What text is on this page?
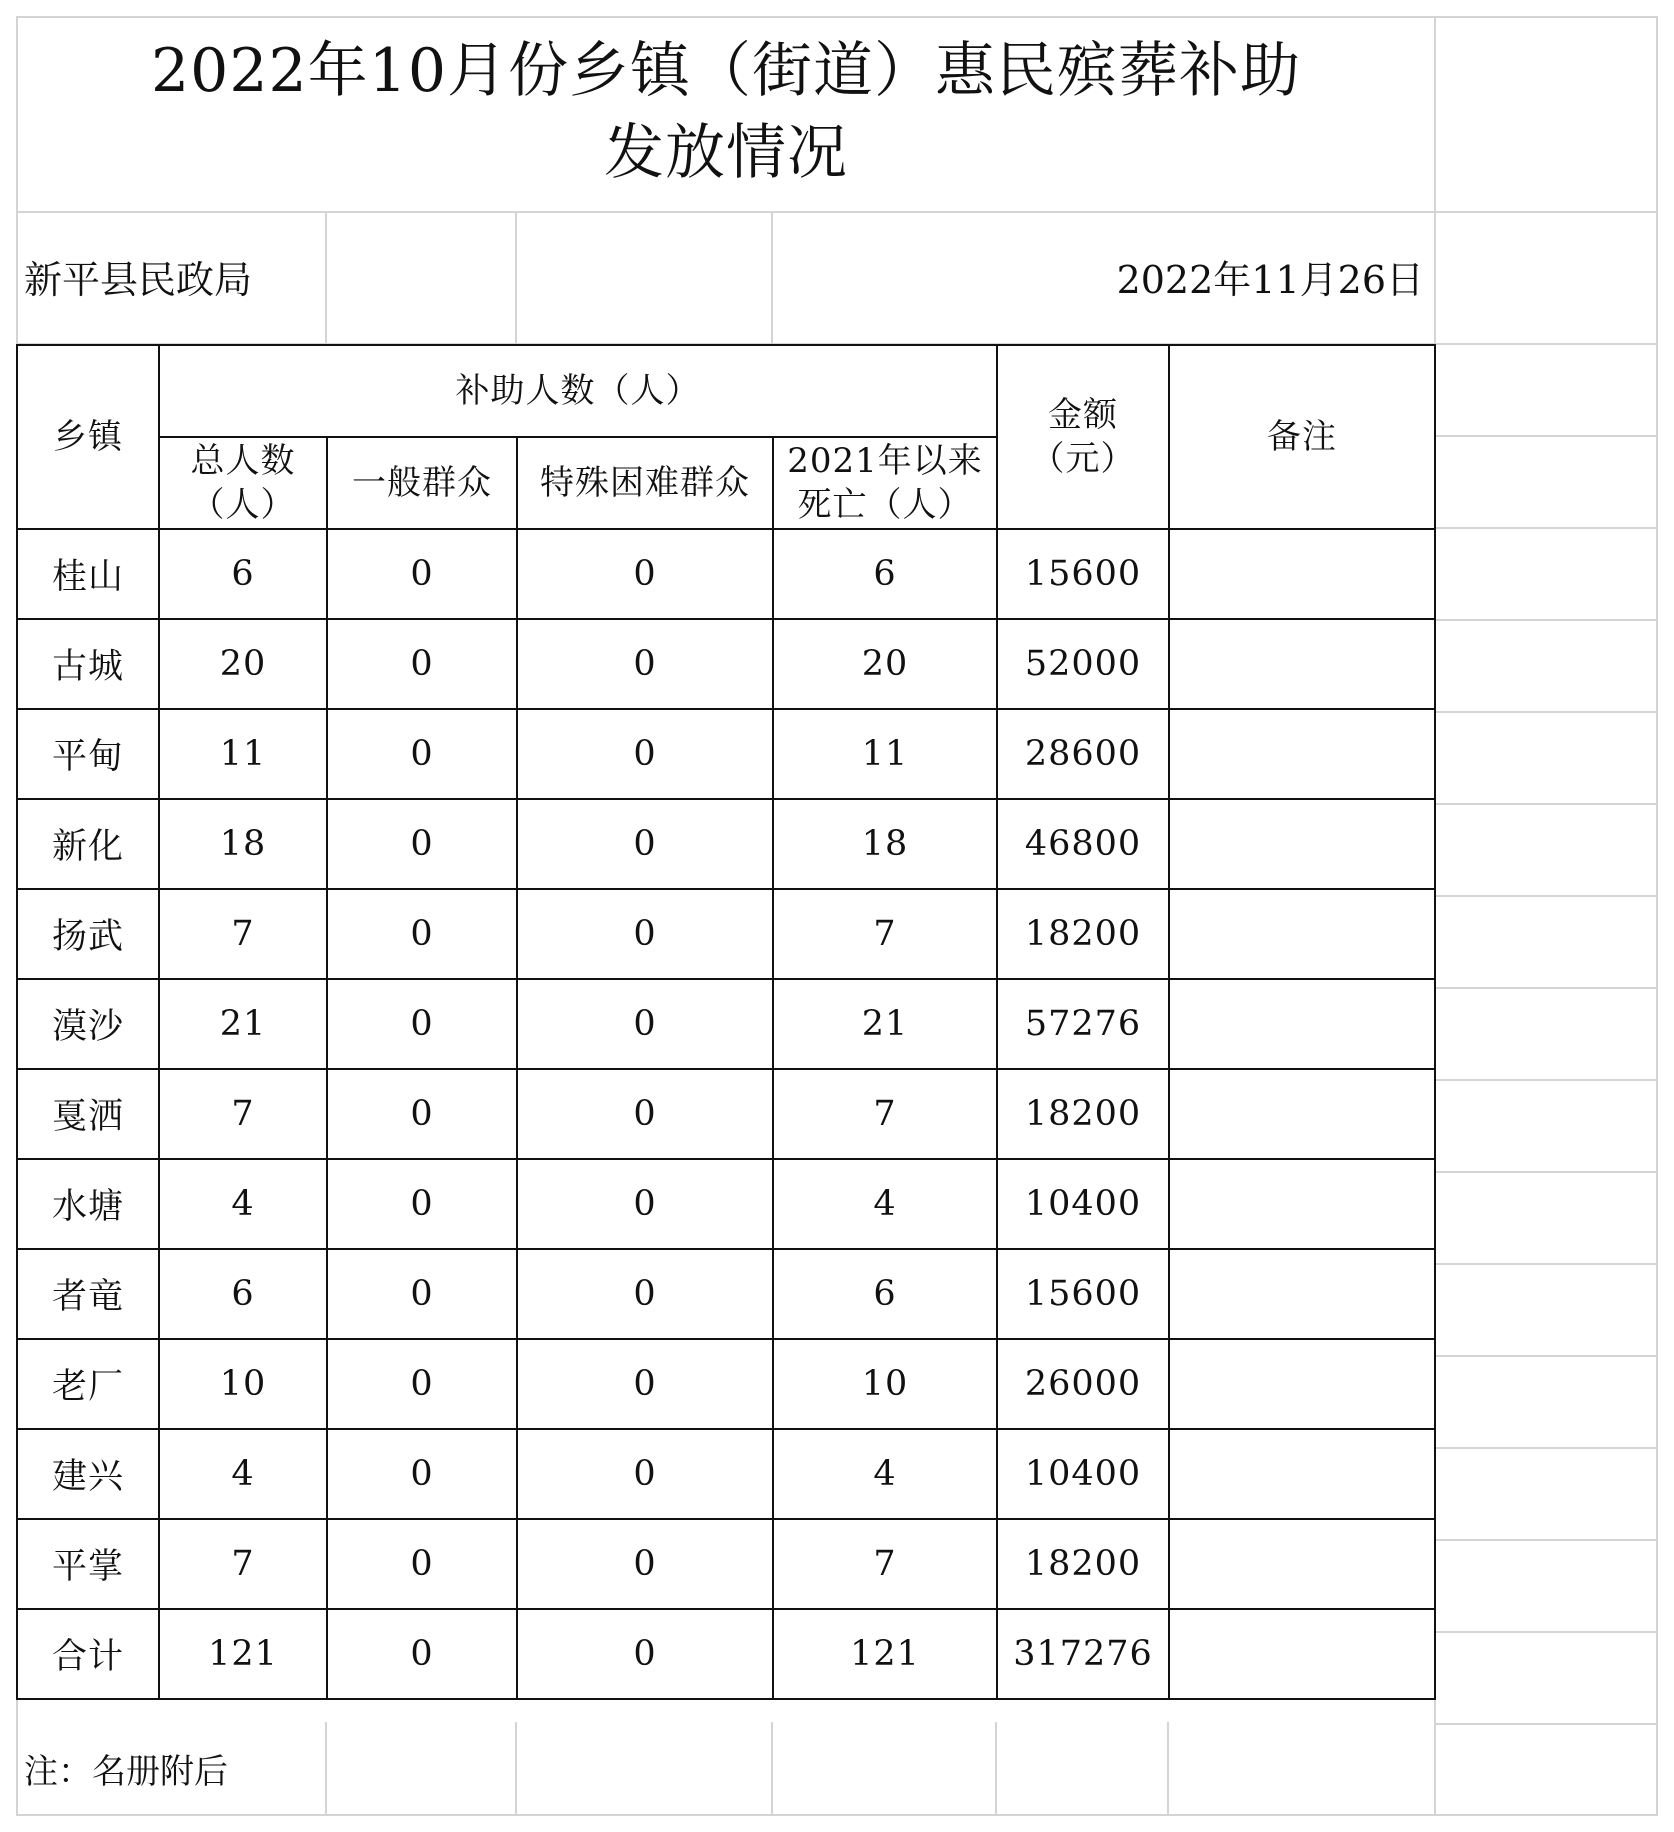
2022年10月份乡镇（街道）惠民殡葬补助
发放情况
新平县民政局	2022年11月26日
乡镇	补助人数（人）				金额（元）	备注
	总人数（人）	一般群众	特殊困难群众	2021年以来死亡（人）		
桂山	6	0	0	6	15600	
古城	20	0	0	20	52000	
平甸	11	0	0	11	28600	
新化	18	0	0	18	46800	
扬武	7	0	0	7	18200	
漠沙	21	0	0	21	57276	
戛洒	7	0	0	7	18200	
水塘	4	0	0	4	10400	
者竜	6	0	0	6	15600	
老厂	10	0	0	10	26000	
建兴	4	0	0	4	10400	
平掌	7	0	0	7	18200	
合计	121	0	0	121	317276	
注：名册附后
